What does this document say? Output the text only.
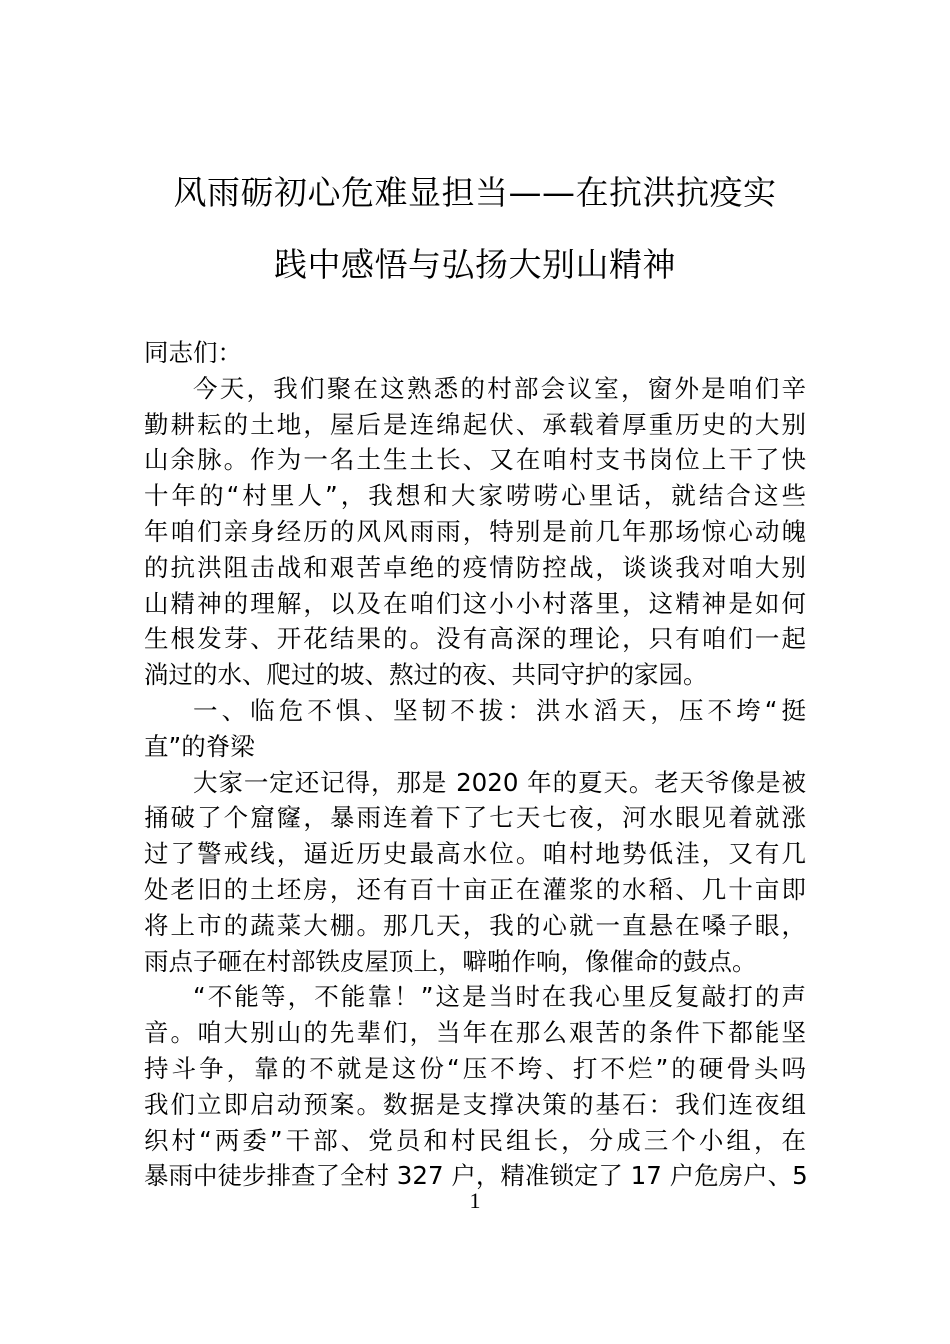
风雨砺初心危难显担当——在抗洪抗疫实
践中感悟与弘扬大别山精神
同志们：
今天，我们聚在这熟悉的村部会议室，窗外是咱们辛
勤耕耘的土地，屋后是连绵起伏、承载着厚重历史的大别
山余脉。作为一名土生土长、又在咱村支书岗位上干了快
十年的“村里人”，我想和大家唠唠心里话，就结合这些
年咱们亲身经历的风风雨雨，特别是前几年那场惊心动魄
的抗洪阻击战和艰苦卓绝的疫情防控战，谈谈我对咱大别
山精神的理解，以及在咱们这小小村落里，这精神是如何
生根发芽、开花结果的。没有高深的理论，只有咱们一起
淌过的水、爬过的坡、熬过的夜、共同守护的家园。
一、临危不惧、坚韧不拔：洪水滔天，压不垮“挺
直”的脊梁
大家一定还记得，那是 2020 年的夏天。老天爷像是被
捅破了个窟窿，暴雨连着下了七天七夜，河水眼见着就涨
过了警戒线，逼近历史最高水位。咱村地势低洼，又有几
处老旧的土坯房，还有百十亩正在灌浆的水稻、几十亩即
将上市的蔬菜大棚。那几天，我的心就一直悬在嗓子眼，
雨点子砸在村部铁皮屋顶上，噼啪作响，像催命的鼓点。
“不能等，不能靠！”这是当时在我心里反复敲打的声
音。咱大别山的先辈们，当年在那么艰苦的条件下都能坚
持斗争，靠的不就是这份“压不垮、打不烂”的硬骨头吗
我们立即启动预案。数据是支撑决策的基石：我们连夜组
织村“两委”干部、党员和村民组长，分成三个小组，在
暴雨中徒步排查了全村 327 户，精准锁定了 17 户危房户、5
1
